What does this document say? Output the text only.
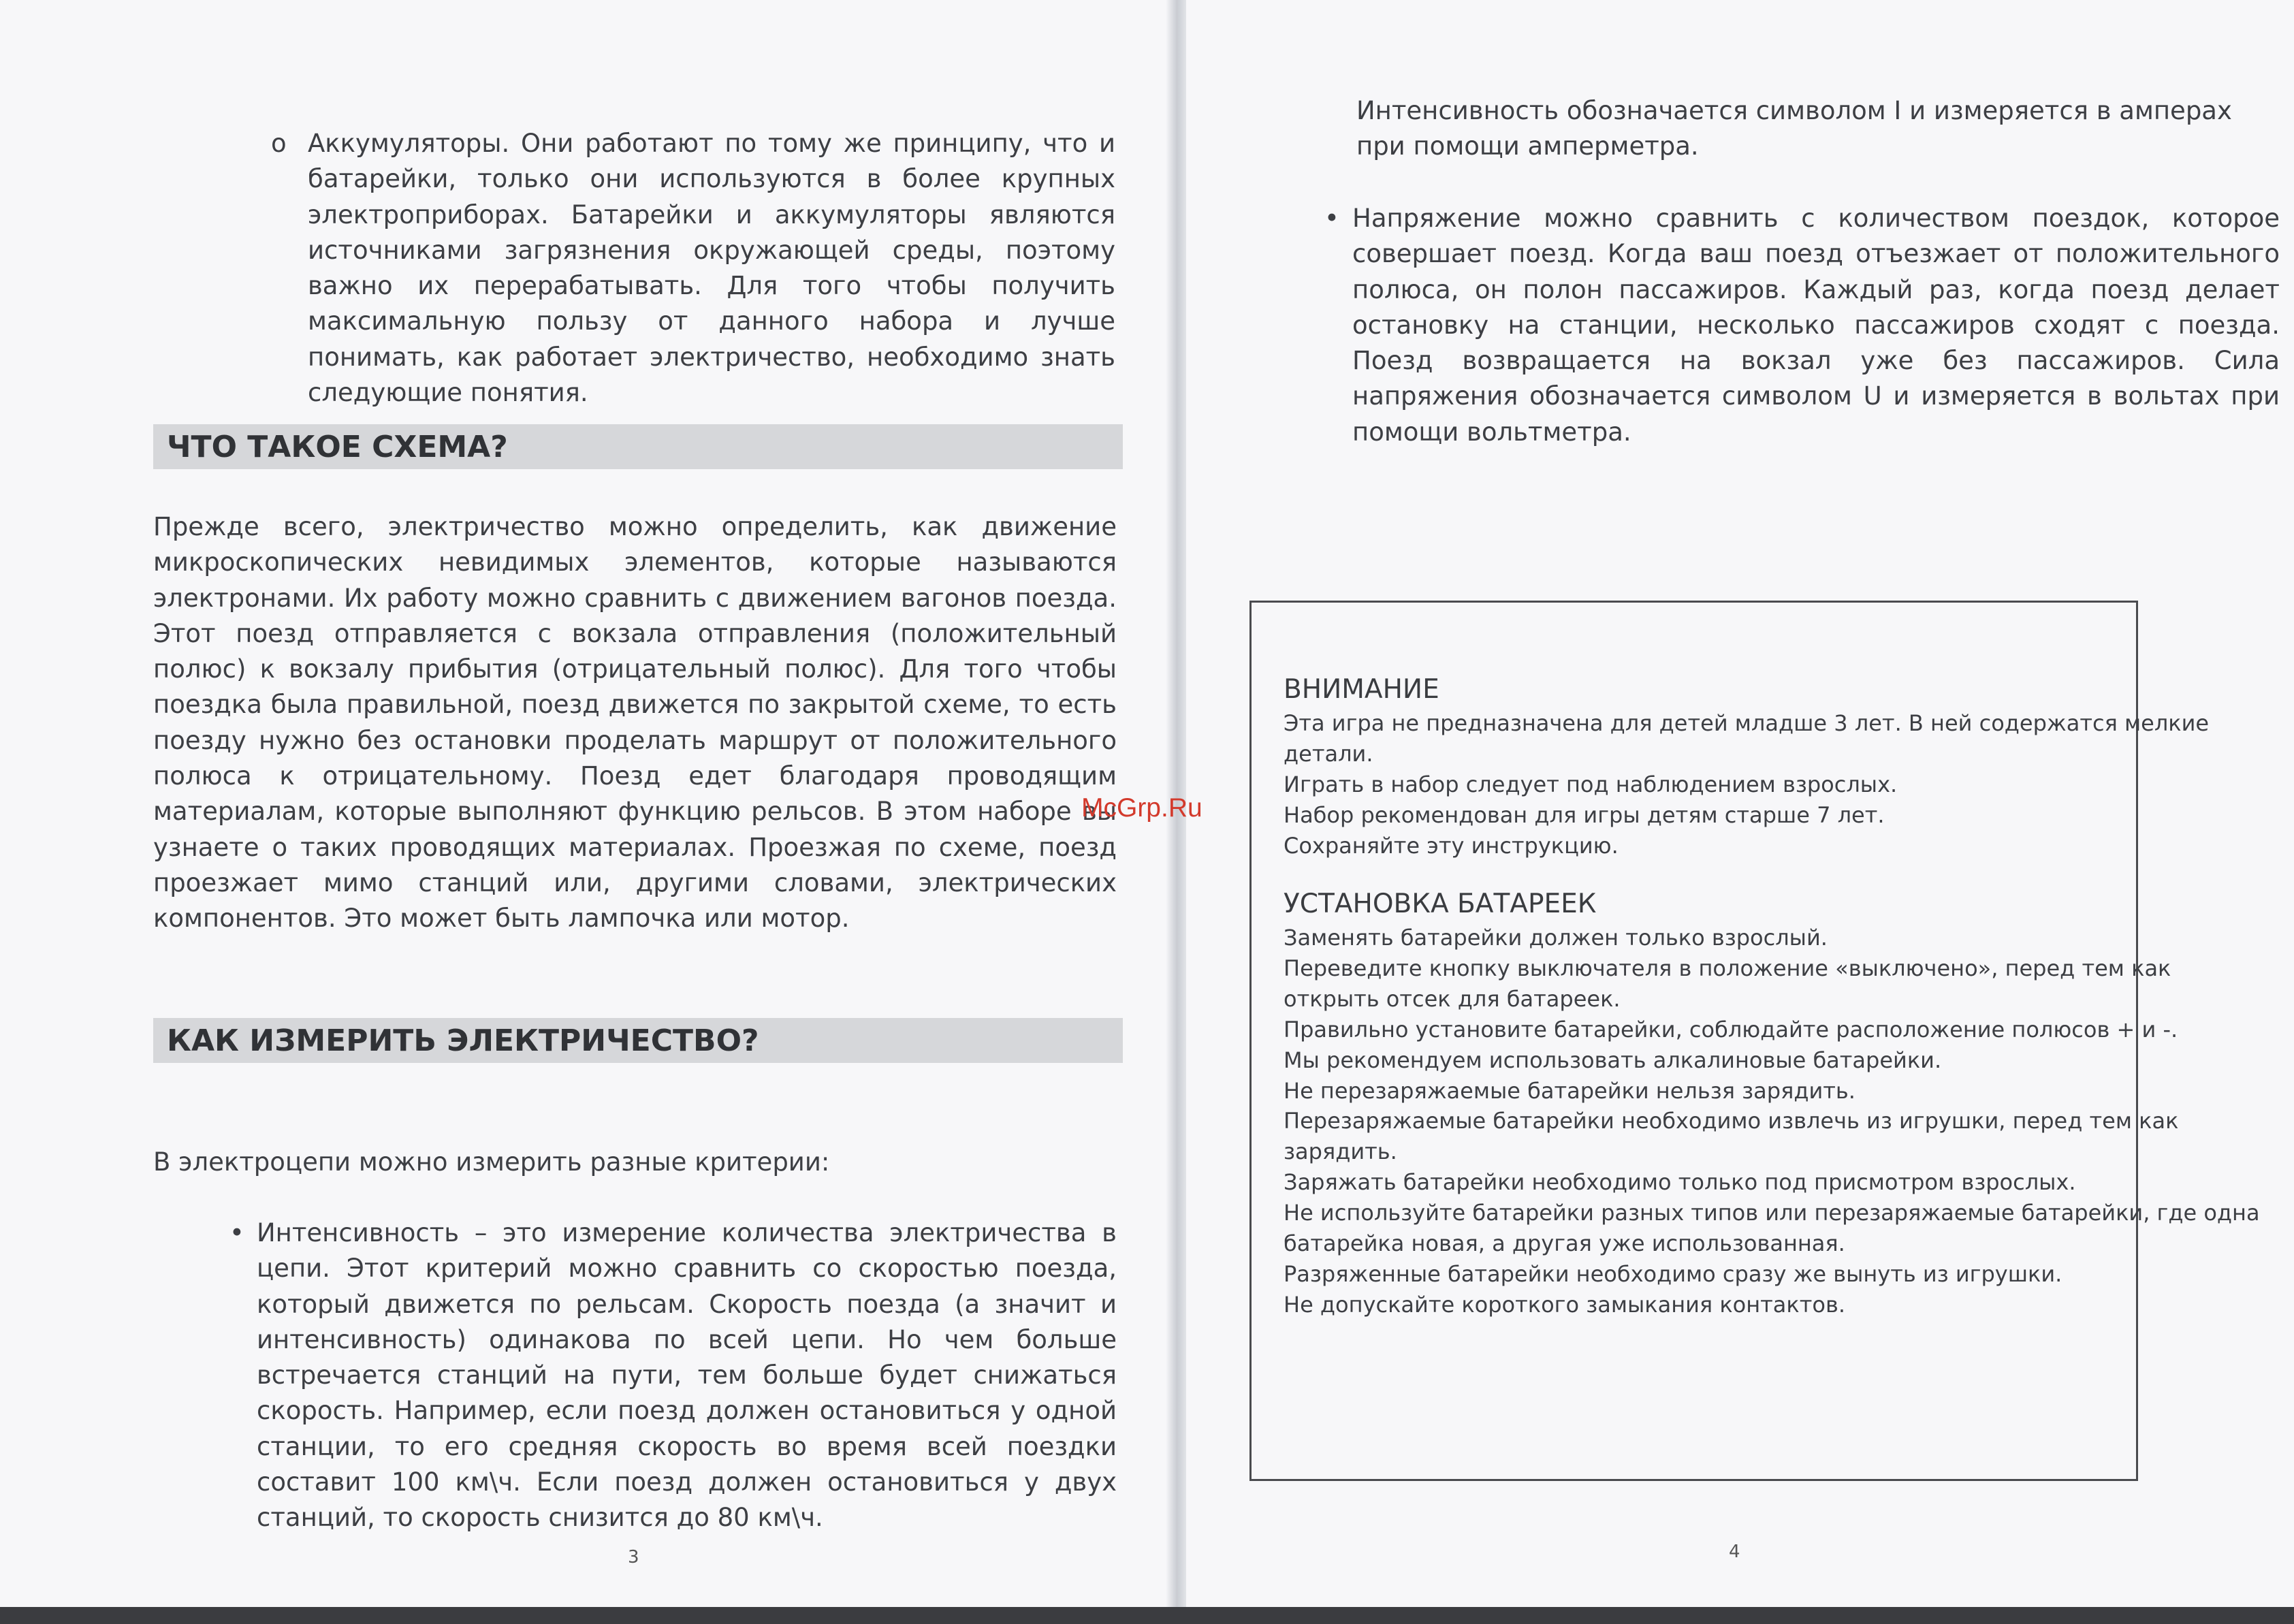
o Аккумуляторы. Они работают по тому же принципу, что и батарейки, только они используются в более крупных электроприборах. Батарейки и аккумуляторы являются источниками загрязнения окружающей среды, поэтому важно их перерабатывать. Для того чтобы получить максимальную пользу от данного набора и лучше понимать, как работает электричество, необходимо знать следующие понятия.

ЧТО ТАКОЕ СХЕМА?

Прежде всего, электричество можно определить, как движение микроскопических невидимых элементов, которые называются электронами. Их работу можно сравнить с движением вагонов поезда. Этот поезд отправляется с вокзала отправления (положительный полюс) к вокзалу прибытия (отрицательный полюс). Для того чтобы поездка была правильной, поезд движется по закрытой схеме, то есть поезду нужно без остановки проделать маршрут от положительного полюса к отрицательному. Поезд едет благодаря проводящим материалам, которые выполняют функцию рельсов. В этом наборе вы узнаете о таких проводящих материалах. Проезжая по схеме, поезд проезжает мимо станций или, другими словами, электрических компонентов. Это может быть лампочка или мотор.

КАК ИЗМЕРИТЬ ЭЛЕКТРИЧЕСТВО?

В электроцепи можно измерить разные критерии:

• Интенсивность – это измерение количества электричества в цепи. Этот критерий можно сравнить со скоростью поезда, который движется по рельсам. Скорость поезда (а значит и интенсивность) одинакова по всей цепи. Но чем больше встречается станций на пути, тем больше будет снижаться скорость. Например, если поезд должен остановиться у одной станции, то его средняя скорость во время всей поездки составит 100 км\ч. Если поезд должен остановиться у двух станций, то скорость снизится до 80 км\ч.

3

Интенсивность обозначается символом I и измеряется в амперах при помощи амперметра.

• Напряжение можно сравнить с количеством поездок, которое совершает поезд. Когда ваш поезд отъезжает от положительного полюса, он полон пассажиров. Каждый раз, когда поезд делает остановку на станции, несколько пассажиров сходят с поезда. Поезд возвращается на вокзал уже без пассажиров. Сила напряжения обозначается символом U и измеряется в вольтах при помощи вольтметра.

4
ВНИМАНИЕ
Эта игра не предназначена для детей младше 3 лет. В ней содержатся мелкие
детали.
Играть в набор следует под наблюдением взрослых.
Набор рекомендован для игры детям старше 7 лет.
Сохраняйте эту инструкцию.
УСТАНОВКА БАТАРЕЕК
Заменять батарейки должен только взрослый.
Переведите кнопку выключателя в положение «выключено», перед тем как
открыть отсек для батареек.
Правильно установите батарейки, соблюдайте расположение полюсов + и -.
Мы рекомендуем использовать алкалиновые батарейки.
Не перезаряжаемые батарейки нельзя зарядить.
Перезаряжаемые батарейки необходимо извлечь из игрушки, перед тем как
зарядить.
Заряжать батарейки необходимо только под присмотром взрослых.
Не используйте батарейки разных типов или перезаряжаемые батарейки, где одна
батарейка новая, а другая уже использованная.
Разряженные батарейки необходимо сразу же вынуть из игрушки.
Не допускайте короткого замыкания контактов.
McGrp.Ru
